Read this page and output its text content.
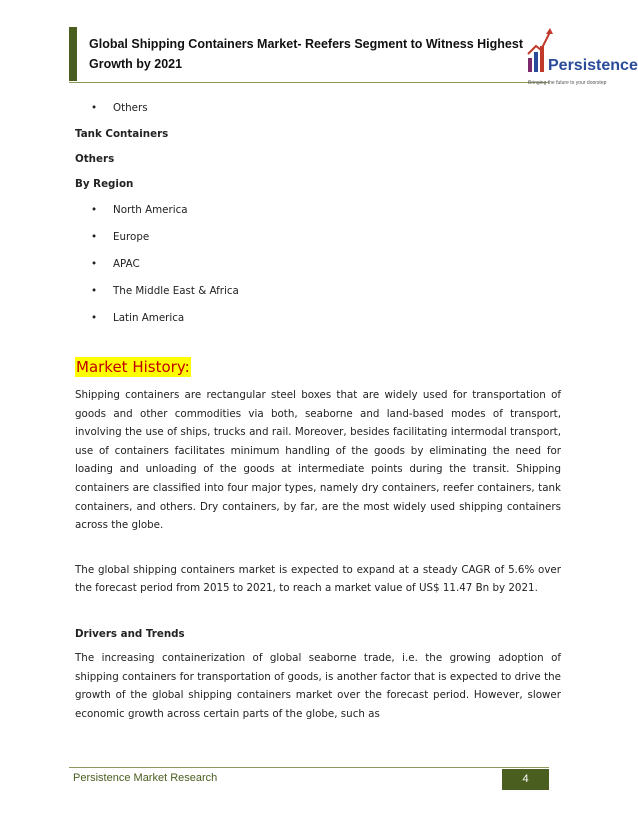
Global Shipping Containers Market- Reefers Segment to Witness Highest Growth by 2021	Persistence
Bringing the future to your doorstep
• Others
Tank Containers
Others
By Region
• North America
• Europe
• APAC
• The Middle East & Africa
• Latin America
Market History:

Shipping containers are rectangular steel boxes that are widely used for transportation of goods and other commodities via both, seaborne and land-based modes of transport, involving the use of ships, trucks and rail. Moreover, besides facilitating intermodal transport, use of containers facilitates minimum handling of the goods by eliminating the need for loading and unloading of the goods at intermediate points during the transit. Shipping containers are classified into four major types, namely dry containers, reefer containers, tank containers, and others. Dry containers, by far, are the most widely used shipping containers across the globe.

The global shipping containers market is expected to expand at a steady CAGR of 5.6% over the forecast period from 2015 to 2021, to reach a market value of US$ 11.47 Bn by 2021.

Drivers and Trends

The increasing containerization of global seaborne trade, i.e. the growing adoption of shipping containers for transportation of goods, is another factor that is expected to drive the growth of the global shipping containers market over the forecast period. However, slower economic growth across certain parts of the globe, such as

Persistence Market Research	4
